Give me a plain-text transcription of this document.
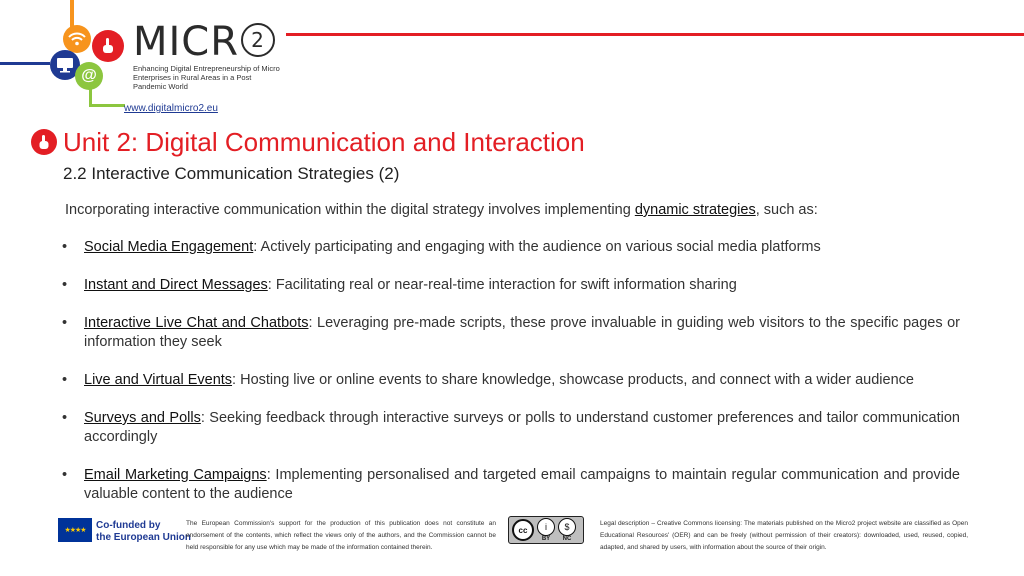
@
MICR 2
Enhancing Digital Entrepreneurship of Micro Enterprises in Rural Areas in a Post Pandemic World
www.digitalmicro2.eu
Unit 2: Digital Communication and Interaction
2.2 Interactive Communication Strategies (2)
Incorporating interactive communication within the digital strategy involves implementing dynamic strategies, such as:
• Social Media Engagement: Actively participating and engaging with the audience on various social media platforms
• Instant and Direct Messages: Facilitating real or near-real-time interaction for swift information sharing
• Interactive Live Chat and Chatbots: Leveraging pre-made scripts, these prove invaluable in guiding web visitors to the specific pages or information they seek
• Live and Virtual Events: Hosting live or online events to share knowledge, showcase products, and connect with a wider audience
• Surveys and Polls: Seeking feedback through interactive surveys or polls to understand customer preferences and tailor communication accordingly
• Email Marketing Campaigns: Implementing personalised and targeted email campaigns to maintain regular communication and provide valuable content to the audience
★★★★	Co-funded by
the European Union
The European Commission's support for the production of this publication does not constitute an endorsement of the contents, which reflect the views only of the authors, and the Commission cannot be held responsible for any use which may be made of the information contained therein.
cc	i
BY
$
NC
Legal description – Creative Commons licensing: The materials published on the Micro2 project website are classified as Open Educational Resources' (OER) and can be freely (without permission of their creators): downloaded, used, reused, copied, adapted, and shared by users, with information about the source of their origin.
